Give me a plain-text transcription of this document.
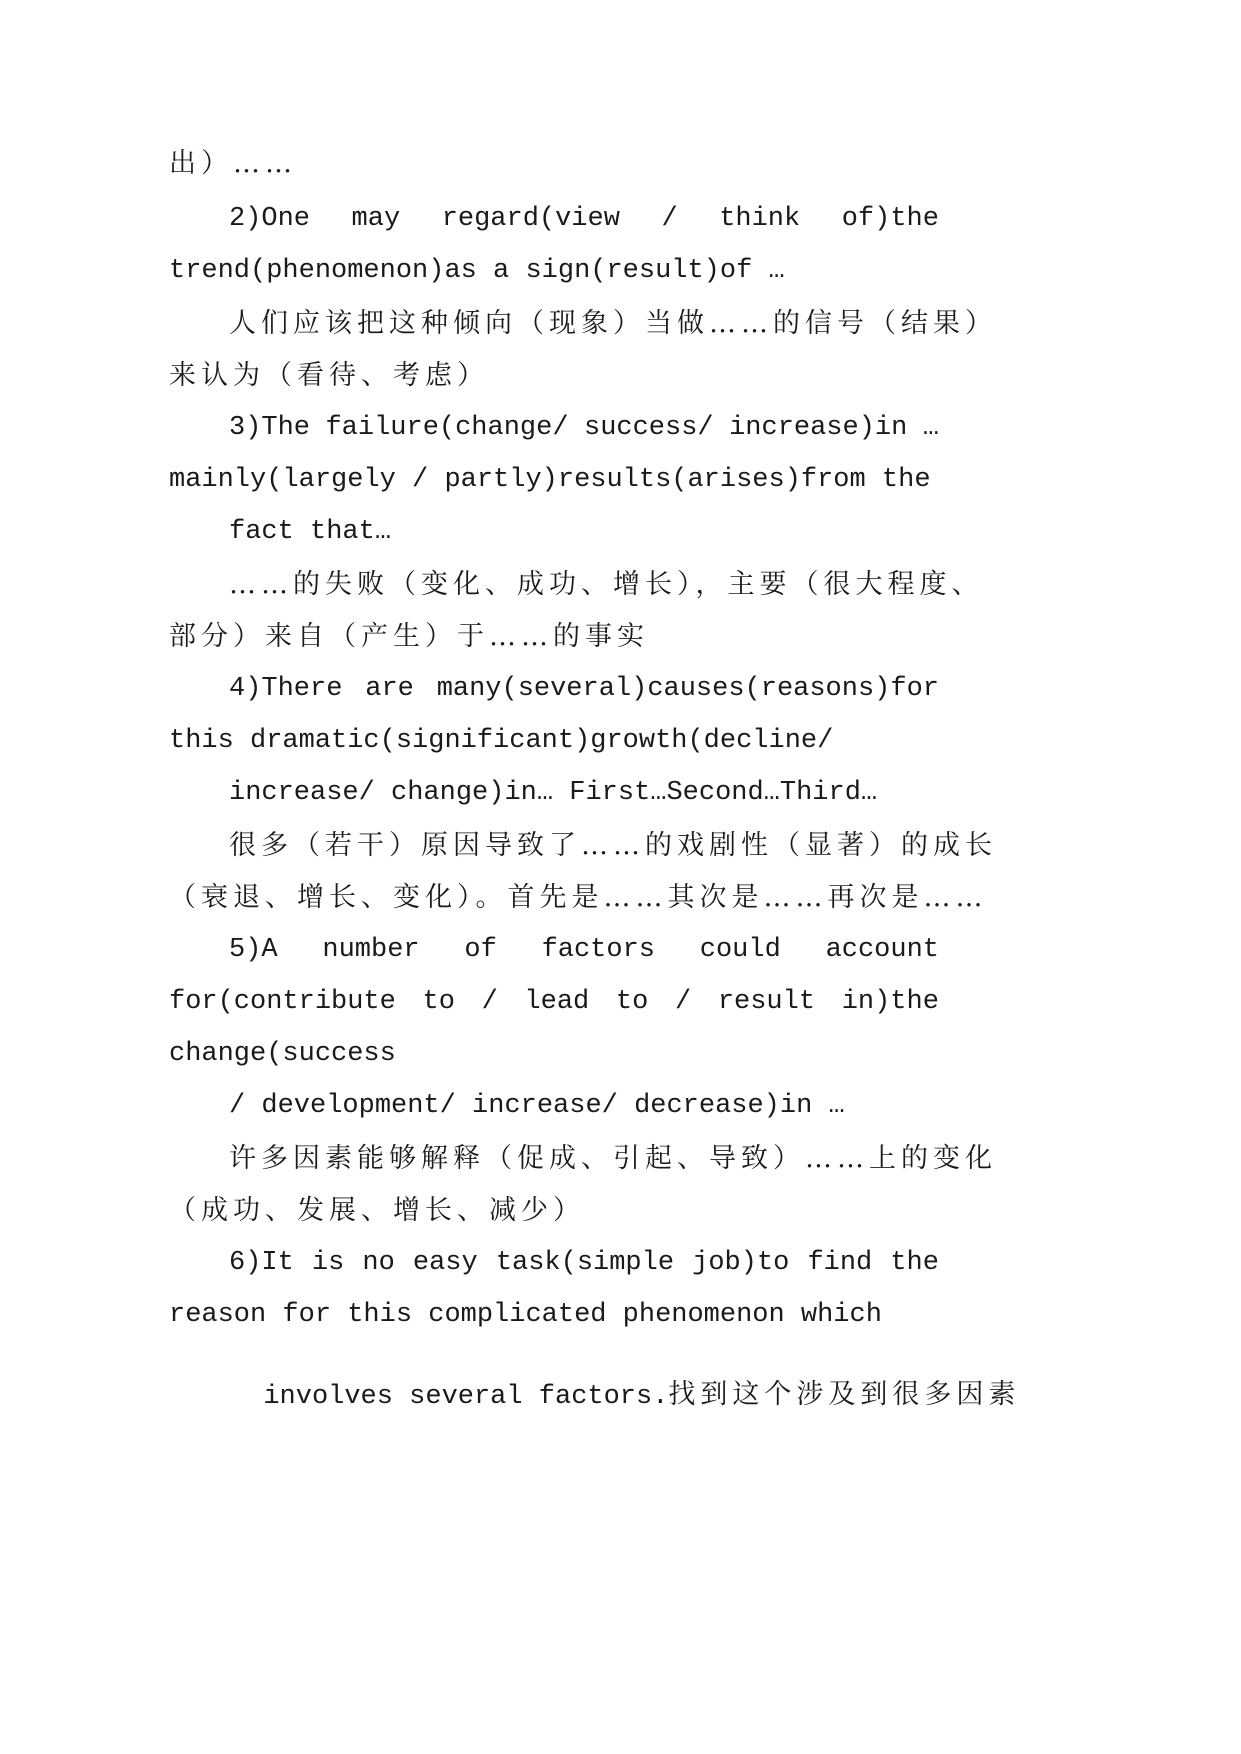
出）……
2)One may regard(view / think of)the
trend(phenomenon)as a sign(result)of …
人们应该把这种倾向（现象）当做……的信号（结果）
来认为（看待、考虑）
3)The failure(change/ success/ increase)in …
mainly(largely / partly)results(arises)from the
fact that…
……的失败（变化、成功、增长），主要（很大程度、
部分）来自（产生）于……的事实
4)There are many(several)causes(reasons)for
this dramatic(significant)growth(decline/
increase/ change)in… First…Second…Third…
很多（若干）原因导致了……的戏剧性（显著）的成长
（衰退、增长、变化）。首先是……其次是……再次是……
5)A number of factors could account
for(contribute to / lead to / result in)the
change(success
/ development/ increase/ decrease)in …
许多因素能够解释（促成、引起、导致）……上的变化
（成功、发展、增长、减少）
6)It is no easy task(simple job)to find the
reason for this complicated phenomenon which

involves several factors.找到这个涉及到很多因素
